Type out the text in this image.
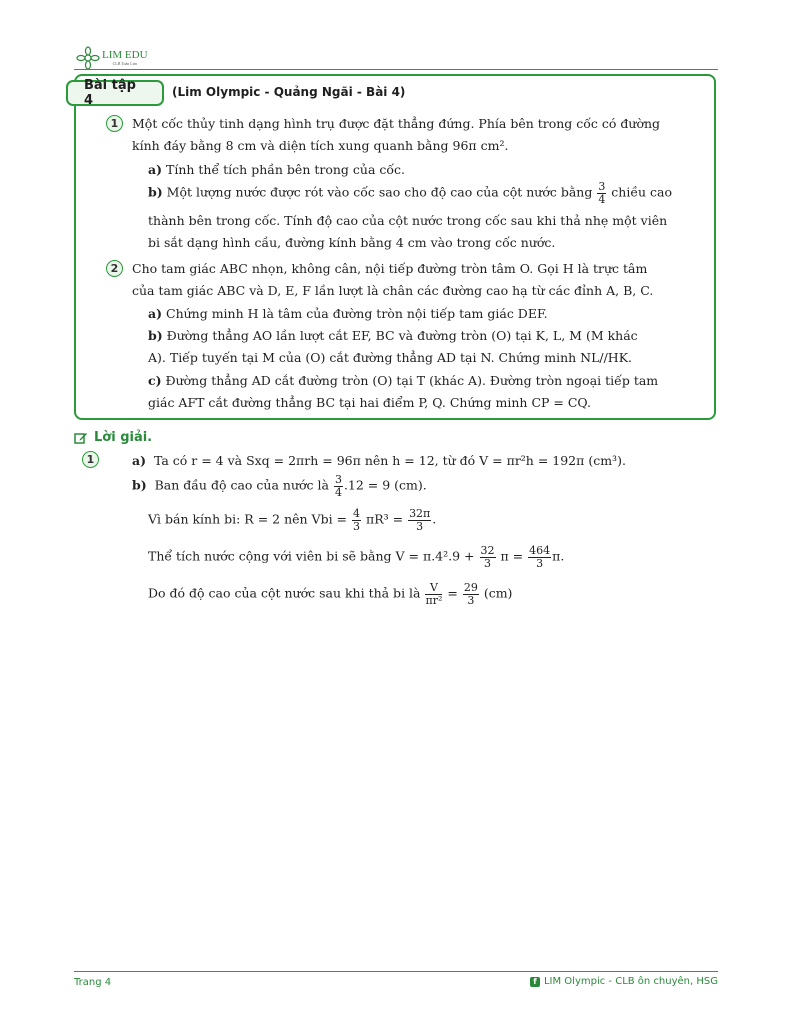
LIM EDU
CLB Toán Lim
Bài tập 4
(Lim Olympic - Quảng Ngãi - Bài 4)
1	Một cốc thủy tinh dạng hình trụ được đặt thẳng đứng. Phía bên trong cốc có đường
kính đáy bằng 8 cm và diện tích xung quanh bằng 96π cm².
a) Tính thể tích phần bên trong của cốc.
b) Một lượng nước được rót vào cốc sao cho độ cao của cột nước bằng $\frac{3}{4}$ chiều cao
thành bên trong cốc. Tính độ cao của cột nước trong cốc sau khi thả nhẹ một viên
bi sắt dạng hình cầu, đường kính bằng 4 cm vào trong cốc nước.
2	Cho tam giác ABC nhọn, không cân, nội tiếp đường tròn tâm O. Gọi H là trực tâm
của tam giác ABC và D, E, F lần lượt là chân các đường cao hạ từ các đỉnh A, B, C.
a) Chứng minh H là tâm của đường tròn nội tiếp tam giác DEF.
b) Đường thẳng AO lần lượt cắt EF, BC và đường tròn (O) tại K, L, M (M khác
A). Tiếp tuyến tại M của (O) cắt đường thẳng AD tại N. Chứng minh NL//HK.
c) Đường thẳng AD cắt đường tròn (O) tại T (khác A). Đường tròn ngoại tiếp tam
giác AFT cắt đường thẳng BC tại hai điểm P, Q. Chứng minh CP = CQ.
Lời giải.
1	a) Ta có r = 4 và Sxq = 2πrh = 96π nên h = 12, từ đó V = πr²h = 192π (cm³).
b) Ban đầu độ cao của nước là $\frac{3}{4} .12 = 9$ (cm).
Vì bán kính bi: R = 2 nên Vbi = $\frac{4}{3} \pi R^3 = \frac{32\pi}{3}$ .
Thể tích nước cộng với viên bi sẽ bằng $V = \pi.4^2.9 + \frac{32}{3}$ $\pi = \frac{464}{3} \pi$.
Do đó độ cao của cột nước sau khi thả bi là $\frac{V}{\text{πr²}} = \frac{29}{3} (cm)$
Trang 4	f LIM Olympic - CLB ôn chuyên, HSG
